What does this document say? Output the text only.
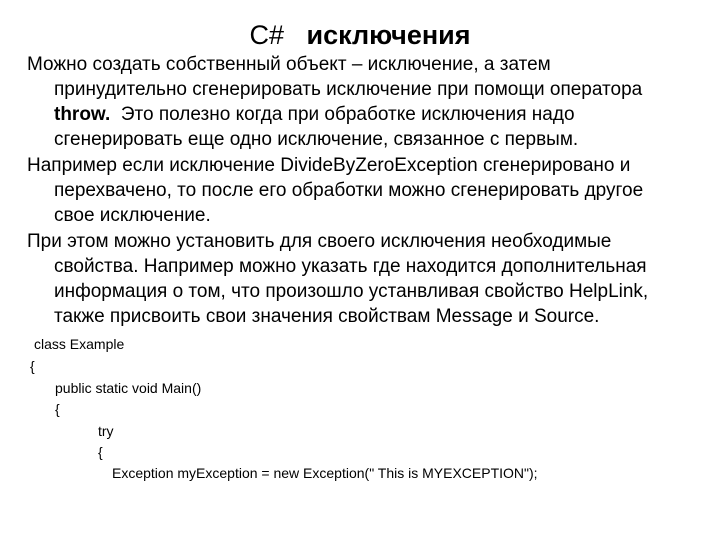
C# исключения
Можно создать собственный объект – исключение, а затем
принудительно сгенерировать исключение при помощи оператора
throw.  Это полезно когда при обработке исключения надо
сгенерировать еще одно исключение, связанное с первым.
Например если исключение DivideByZeroException сгенерировано и
перехвачено, то после его обработки можно сгенерировать другое
свое исключение.
При этом можно установить для своего исключения необходимые
свойства. Например можно указать где находится дополнительная
информация о том, что произошло устанвливая свойство HelpLink,
также присвоить свои значения свойствам Message и Source.
class Example
{
public static void Main()
{
try
{
Exception myException = new Exception(" This is MYEXCEPTION");
